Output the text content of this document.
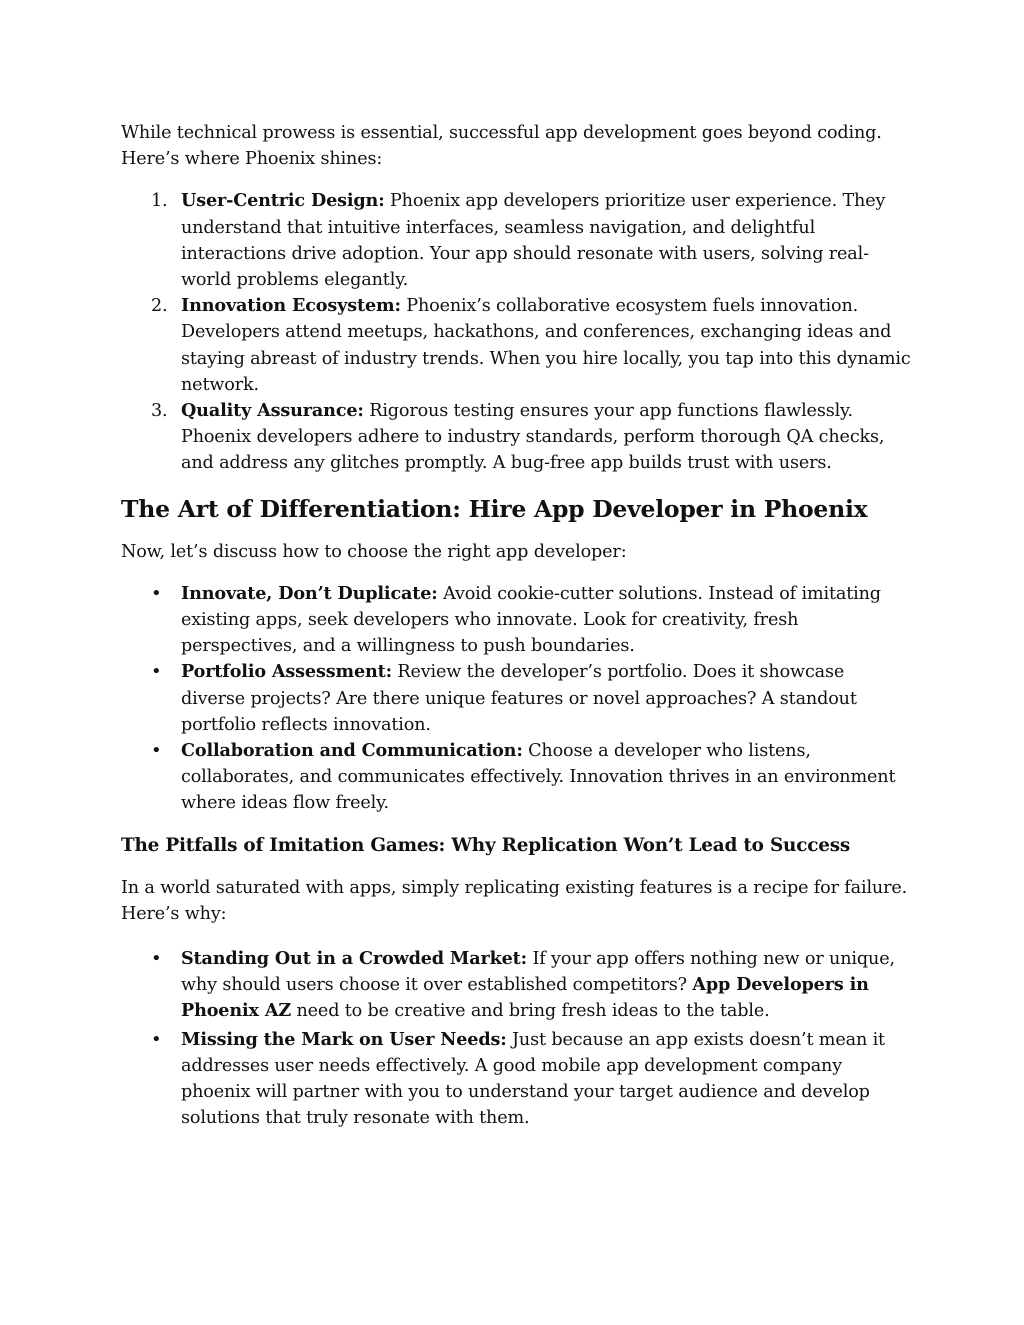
While technical prowess is essential, successful app development goes beyond coding. Here’s where Phoenix shines:

1. User-Centric Design: Phoenix app developers prioritize user experience. They understand that intuitive interfaces, seamless navigation, and delightful interactions drive adoption. Your app should resonate with users, solving real-world problems elegantly.
2. Innovation Ecosystem: Phoenix’s collaborative ecosystem fuels innovation. Developers attend meetups, hackathons, and conferences, exchanging ideas and staying abreast of industry trends. When you hire locally, you tap into this dynamic network.
3. Quality Assurance: Rigorous testing ensures your app functions flawlessly. Phoenix developers adhere to industry standards, perform thorough QA checks, and address any glitches promptly. A bug-free app builds trust with users.
The Art of Differentiation: Hire App Developer in Phoenix

Now, let’s discuss how to choose the right app developer:

• Innovate, Don’t Duplicate: Avoid cookie-cutter solutions. Instead of imitating existing apps, seek developers who innovate. Look for creativity, fresh perspectives, and a willingness to push boundaries.
• Portfolio Assessment: Review the developer’s portfolio. Does it showcase diverse projects? Are there unique features or novel approaches? A standout portfolio reflects innovation.
• Collaboration and Communication: Choose a developer who listens, collaborates, and communicates effectively. Innovation thrives in an environment where ideas flow freely.
The Pitfalls of Imitation Games: Why Replication Won’t Lead to Success

In a world saturated with apps, simply replicating existing features is a recipe for failure. Here’s why:

• Standing Out in a Crowded Market: If your app offers nothing new or unique, why should users choose it over established competitors? App Developers in Phoenix AZ need to be creative and bring fresh ideas to the table.
• Missing the Mark on User Needs: Just because an app exists doesn’t mean it addresses user needs effectively. A good mobile app development company phoenix will partner with you to understand your target audience and develop solutions that truly resonate with them.
